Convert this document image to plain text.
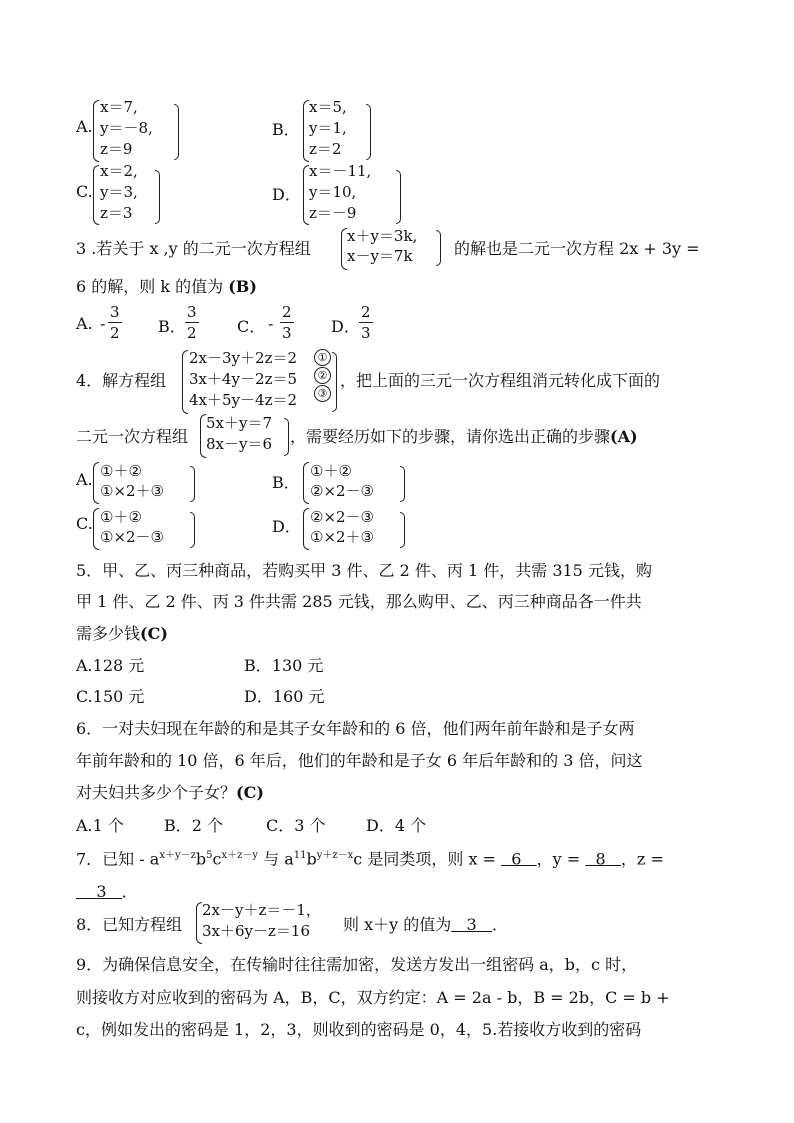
A.
x＝7,
y＝－8,
z＝9
B．
x＝5,
y＝1,
z＝2
C.
x＝2,
y＝3,
z＝3
D．
x＝－11,
y＝10,
z＝－9
3 .若关于 x ,y 的二元一次方程组
x＋y＝3k,
x－y＝7k	的解也是二元一次方程 2x + 3y =
6 的解，则 k 的值为 (B)
A. - $\frac{3}{2}$ B． $\frac{3}{2}$ C． - $\frac{2}{3}$ D． $\frac{2}{3}$
4．解方程组
2x－3y＋2z＝2
3x＋4y－2z＝5
4x＋5y－4z＝2
①
②
③
，把上面的三元一次方程组消元转化成下面的
二元一次方程组
5x＋y＝7
8x－y＝6 ，需要经历如下的步骤，请你选出正确的步骤(A)
A. ①＋②
①×2＋③	B．
①＋②
②×2－③
C. ①＋②
①×2－③
D． ②×2－③
①×2＋③
5．甲、乙、丙三种商品，若购买甲 3 件、乙 2 件、丙 1 件，共需 315 元钱，购
甲 1 件、乙 2 件、丙 3 件共需 285 元钱，那么购甲、乙、丙三种商品各一件共
需多少钱(C)
A.128 元	B．130 元
C.150 元	D．160 元
6．一对夫妇现在年龄的和是其子女年龄和的 6 倍，他们两年前年龄和是子女两
年前年龄和的 10 倍，6 年后，他们的年龄和是子女 6 年后年龄和的 3 倍，问这
对夫妇共多少个子女？(C)
A.1 个	B．2 个	C．3 个	D．4 个
7．已知 - $a^{x+y-z}b^5c^{x+z-y}$ 与 $a^{11}b^{y+z-x}c$ 是同类项，则 x =   6 ，y =   8 ，z =
3 ．
8．已知方程组
2x－y＋z＝－1，
3x＋6y－z＝16	则 x＋y 的值为 3 ．
9．为确保信息安全，在传输时往往需加密，发送方发出一组密码 a，b，c 时，
则接收方对应收到的密码为 A，B，C，双方约定：A = 2a - b，B = 2b，C = b +
c，例如发出的密码是 1，2，3，则收到的密码是 0，4，5.若接收方收到的密码
